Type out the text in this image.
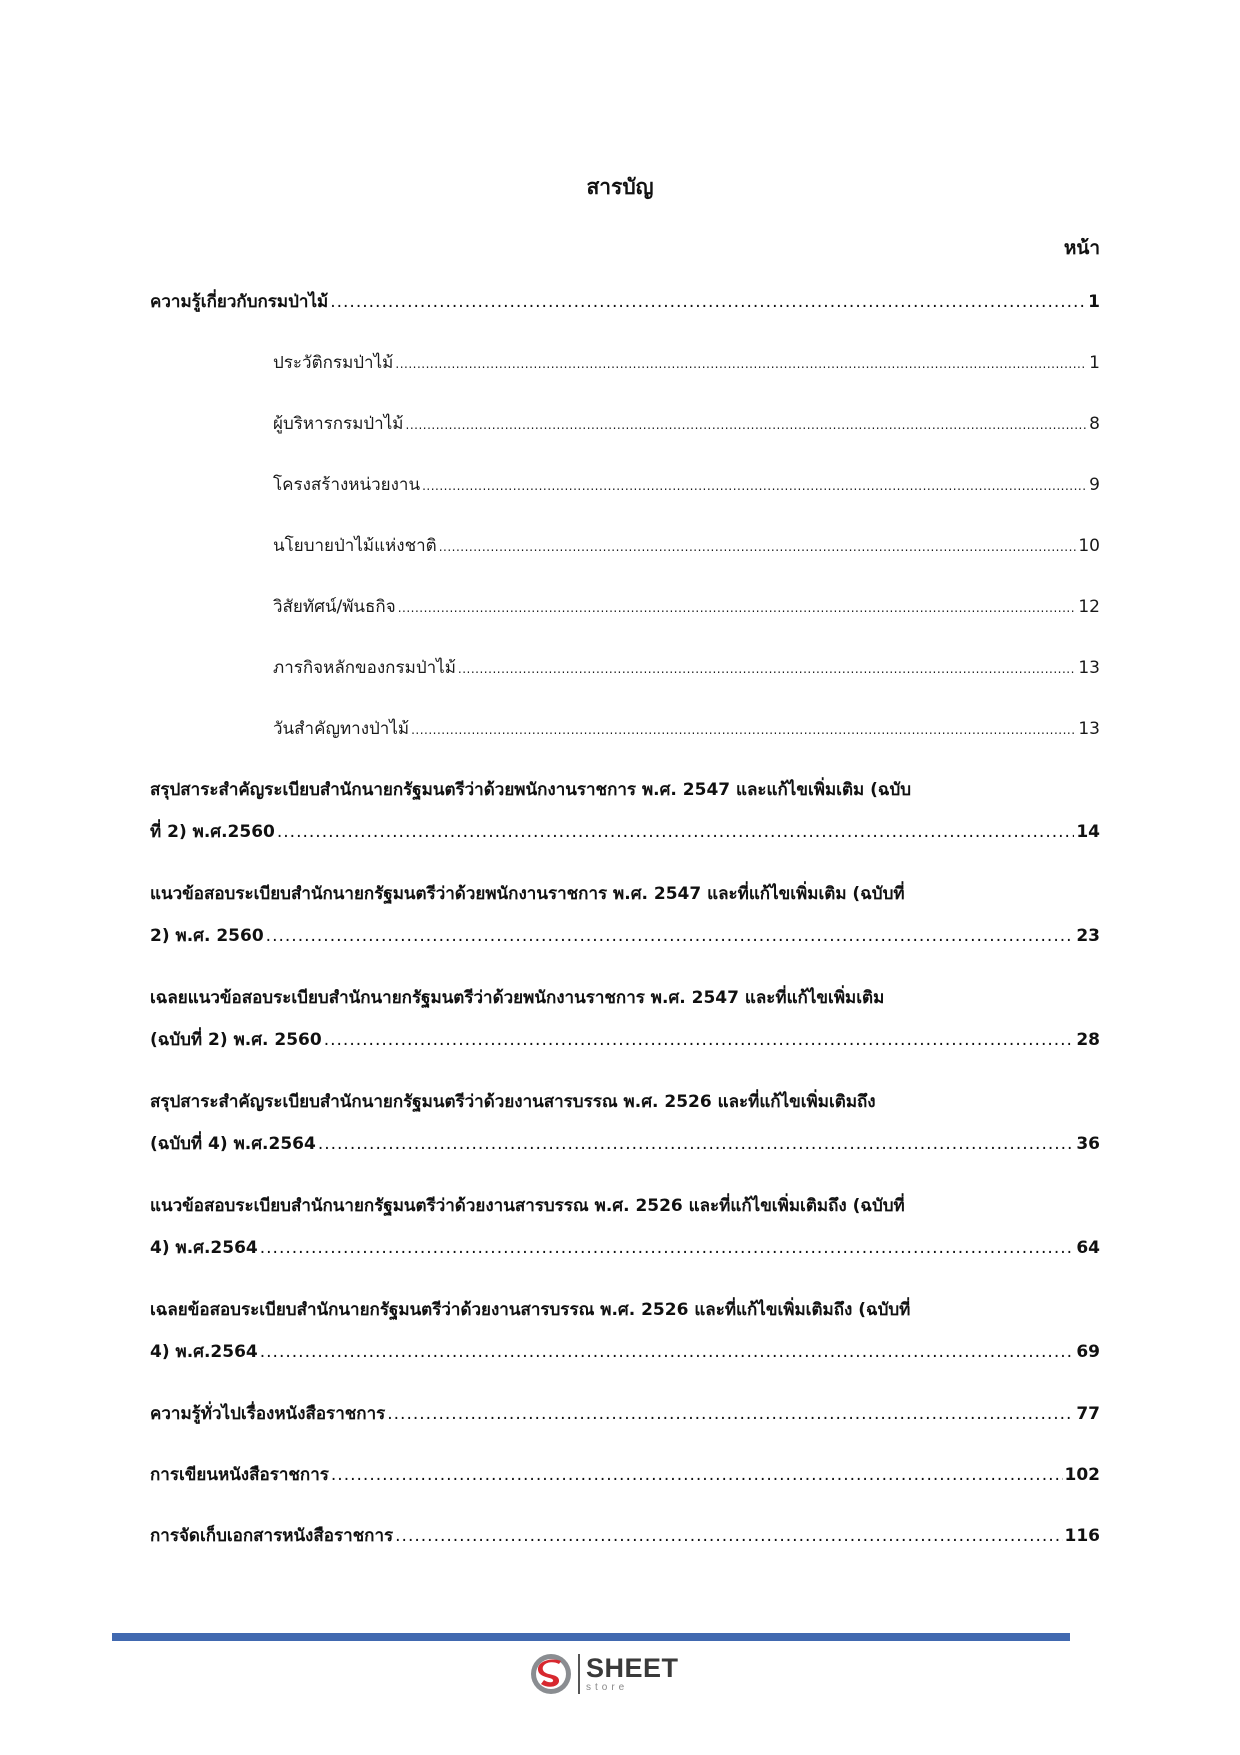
สารบัญ
หน้า
ความรู้เกี่ยวกับกรมป่าไม้ .....	1
ประวัติกรมป่าไม้ .....	1
ผู้บริหารกรมป่าไม้ .....	8
โครงสร้างหน่วยงาน .....	9
นโยบายป่าไม้แห่งชาติ .....	10
วิสัยทัศน์/พันธกิจ .....	12
ภารกิจหลักของกรมป่าไม้ .....	13
วันสำคัญทางป่าไม้ .....	13
สรุปสาระสำคัญระเบียบสำนักนายกรัฐมนตรีว่าด้วยพนักงานราชการ พ.ศ. 2547 และแก้ไขเพิ่มเติม (ฉบับ
ที่ 2) พ.ศ.2560 .....	14
แนวข้อสอบระเบียบสำนักนายกรัฐมนตรีว่าด้วยพนักงานราชการ พ.ศ. 2547 และที่แก้ไขเพิ่มเติม (ฉบับที่
2) พ.ศ. 2560 .....	23
เฉลยแนวข้อสอบระเบียบสำนักนายกรัฐมนตรีว่าด้วยพนักงานราชการ พ.ศ. 2547 และที่แก้ไขเพิ่มเติม
(ฉบับที่ 2) พ.ศ. 2560 .....	28
สรุปสาระสำคัญระเบียบสำนักนายกรัฐมนตรีว่าด้วยงานสารบรรณ พ.ศ. 2526 และที่แก้ไขเพิ่มเติมถึง
(ฉบับที่ 4) พ.ศ.2564 .....	36
แนวข้อสอบระเบียบสำนักนายกรัฐมนตรีว่าด้วยงานสารบรรณ พ.ศ. 2526 และที่แก้ไขเพิ่มเติมถึง (ฉบับที่
4) พ.ศ.2564 .....	64
เฉลยข้อสอบระเบียบสำนักนายกรัฐมนตรีว่าด้วยงานสารบรรณ พ.ศ. 2526 และที่แก้ไขเพิ่มเติมถึง (ฉบับที่
4) พ.ศ.2564 .....	69
ความรู้ทั่วไปเรื่องหนังสือราชการ .....	77
การเขียนหนังสือราชการ .....	102
การจัดเก็บเอกสารหนังสือราชการ .....	116
SHEET
store
